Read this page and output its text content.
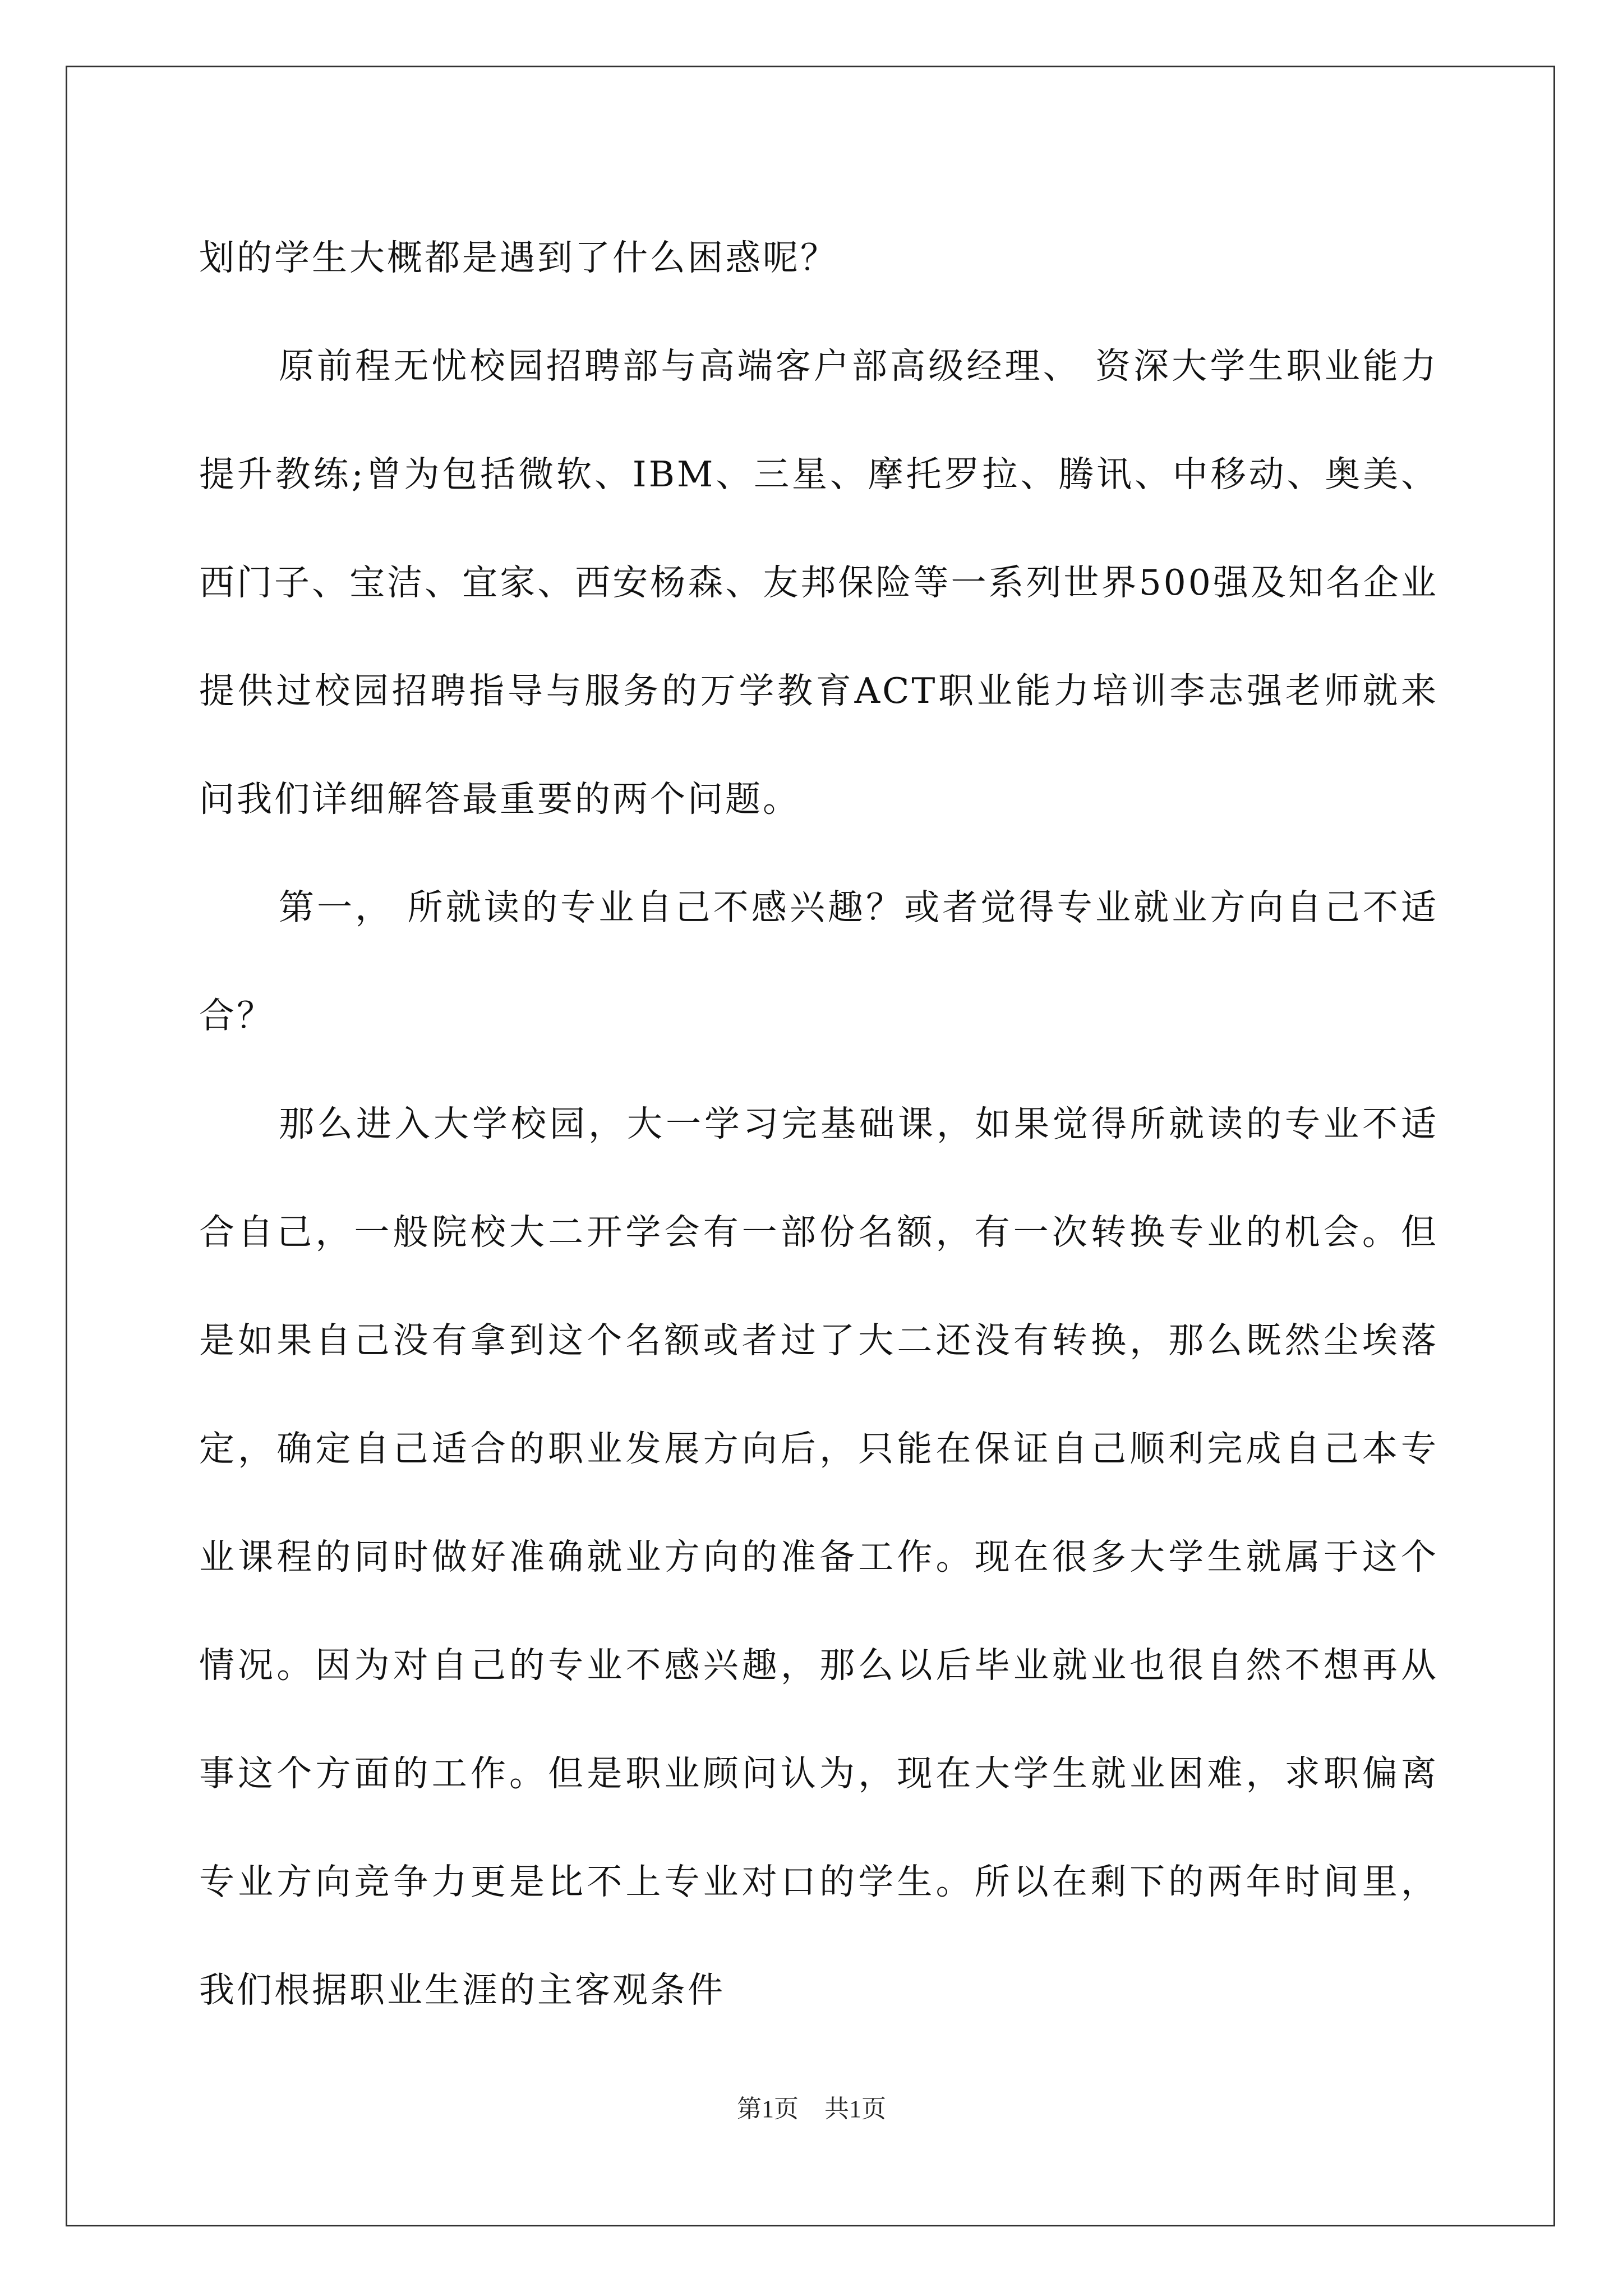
划的学生大概都是遇到了什么困惑呢？

原前程无忧校园招聘部与高端客户部高级经理、 资深大学生职业能力提升教练;曾为包括微软、IBM、三星、摩托罗拉、腾讯、中移动、奥美、西门子、宝洁、宜家、西安杨森、友邦保险等一系列世界500强及知名企业提供过校园招聘指导与服务的万学教育ACT职业能力培训李志强老师就来问我们详细解答最重要的两个问题。

第一， 所就读的专业自己不感兴趣？或者觉得专业就业方向自己不适合？

那么进入大学校园，大一学习完基础课，如果觉得所就读的专业不适合自己，一般院校大二开学会有一部份名额，有一次转换专业的机会。但是如果自己没有拿到这个名额或者过了大二还没有转换，那么既然尘埃落定，确定自己适合的职业发展方向后，只能在保证自己顺利完成自己本专业课程的同时做好准确就业方向的准备工作。现在很多大学生就属于这个情况。因为对自己的专业不感兴趣，那么以后毕业就业也很自然不想再从事这个方面的工作。但是职业顾问认为，现在大学生就业困难，求职偏离专业方向竞争力更是比不上专业对口的学生。所以在剩下的两年时间里，我们根据职业生涯的主客观条件

第1页 共1页
